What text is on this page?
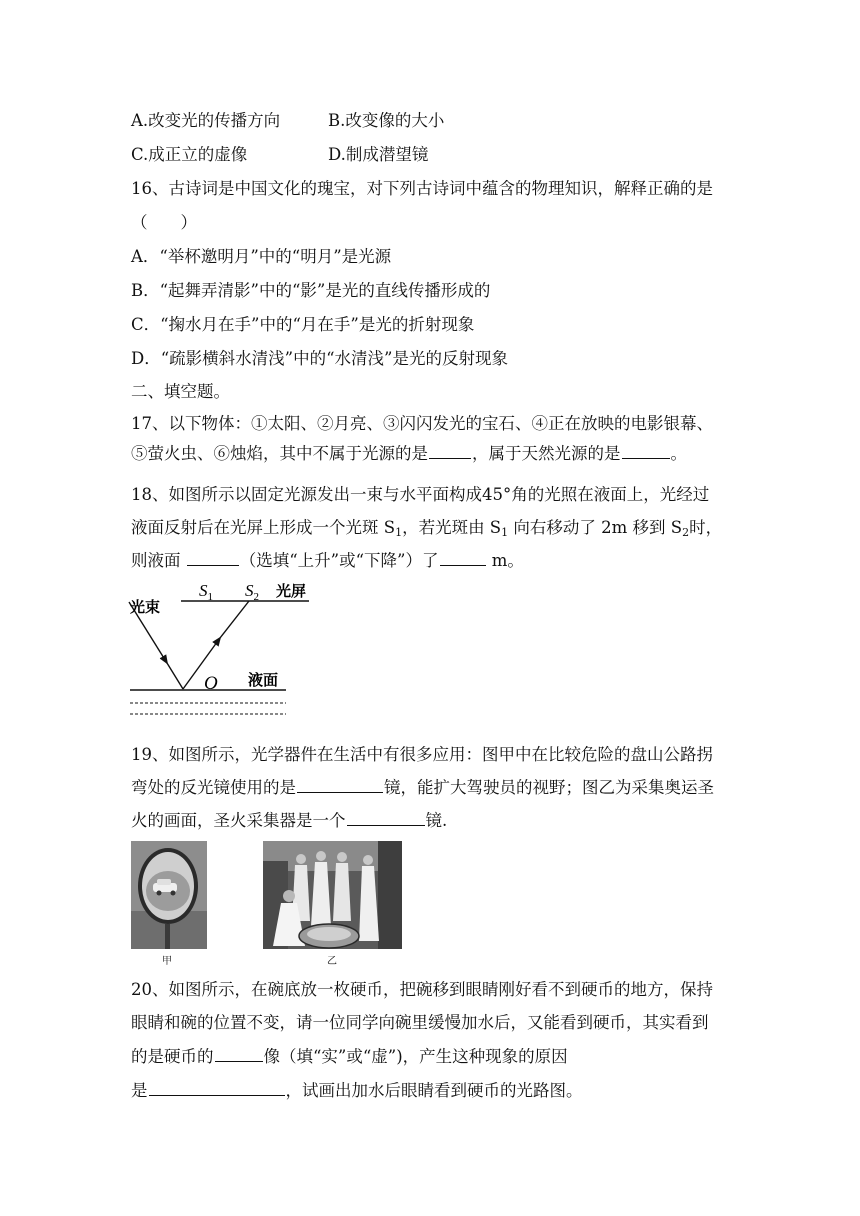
A.改变光的传播方向	B.改变像的大小
C.成正立的虚像	D.制成潜望镜
16、古诗词是中国文化的瑰宝，对下列古诗词中蕴含的物理知识，解释正确的是
（　　）
A．“举杯邀明月”中的“明月”是光源
B．“起舞弄清影”中的“影”是光的直线传播形成的
C．“掬水月在手”中的“月在手”是光的折射现象
D．“疏影横斜水清浅”中的“水清浅”是光的反射现象
二、填空题。
17、以下物体：①太阳、②月亮、③闪闪发光的宝石、④正在放映的电影银幕、
⑤萤火虫、⑥烛焰，其中不属于光源的是	，属于天然光源的是	。
18、如图所示以固定光源发出一束与水平面构成45°角的光照在液面上，光经过
液面反射后在光屏上形成一个光斑 $S_1$，若光斑由 $S_1$ 向右移动了 2m 移到 $S_2$时，
则液面	（选填“上升”或“下降”）了	m。
光束
$S_1$ $S_2$ 光屏
O 液面
19、如图所示，光学器件在生活中有很多应用：图甲中在比较危险的盘山公路拐
弯处的反光镜使用的是	镜，能扩大驾驶员的视野；图乙为采集奥运圣
火的画面，圣火采集器是一个	镜.
甲	乙
20、如图所示，在碗底放一枚硬币，把碗移到眼睛刚好看不到硬币的地方，保持
眼睛和碗的位置不变，请一位同学向碗里缓慢加水后，又能看到硬币，其实看到
的是硬币的	像（填“实”或“虚”)，产生这种现象的原因
是	，试画出加水后眼睛看到硬币的光路图。
